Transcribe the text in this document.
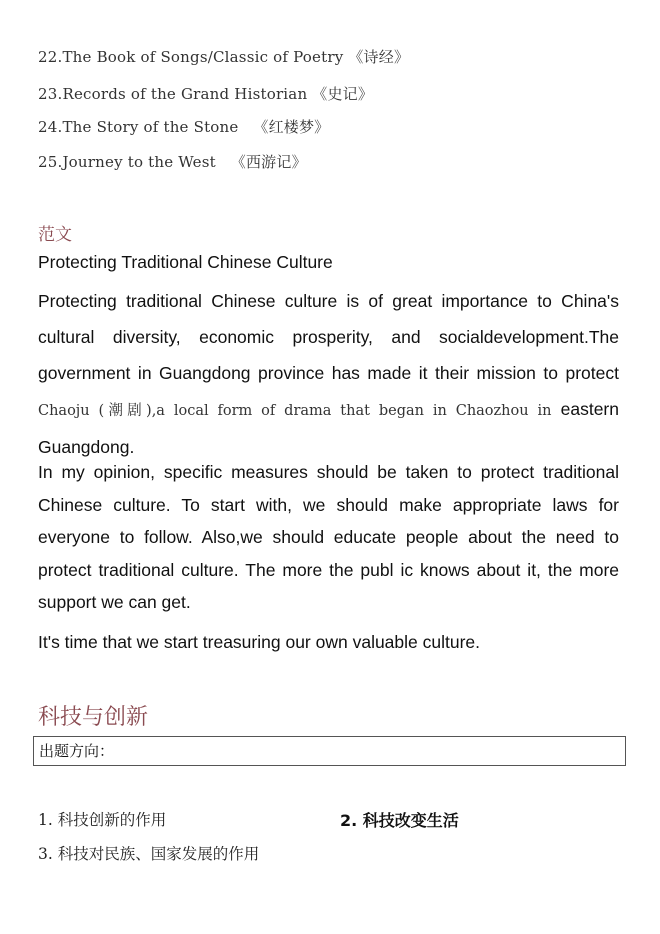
22.The Book of Songs/Classic of Poetry 《诗经》
23.Records of the Grand Historian 《史记》
24.The Story of the Stone   《红楼梦》
25.Journey to the West   《西游记》
范文
Protecting Traditional Chinese Culture
Protecting traditional Chinese culture is of great importance to China's cultural diversity, economic prosperity, and socialdevelopment.The government in Guangdong province has made it their mission to protect Chaoju (潮剧),a local form of drama that began in Chaozhou in eastern Guangdong.
In my opinion, specific measures should be taken to protect traditional Chinese culture. To start with, we should make appropriate laws for everyone to follow. Also,we should educate people about the need to protect traditional culture. The more the publ ic knows about it, the more support we can get.
It's time that we start treasuring our own valuable culture.
科技与创新
出题方向：
1. 科技创新的作用	2. 科技改变生活
3. 科技对民族、国家发展的作用
